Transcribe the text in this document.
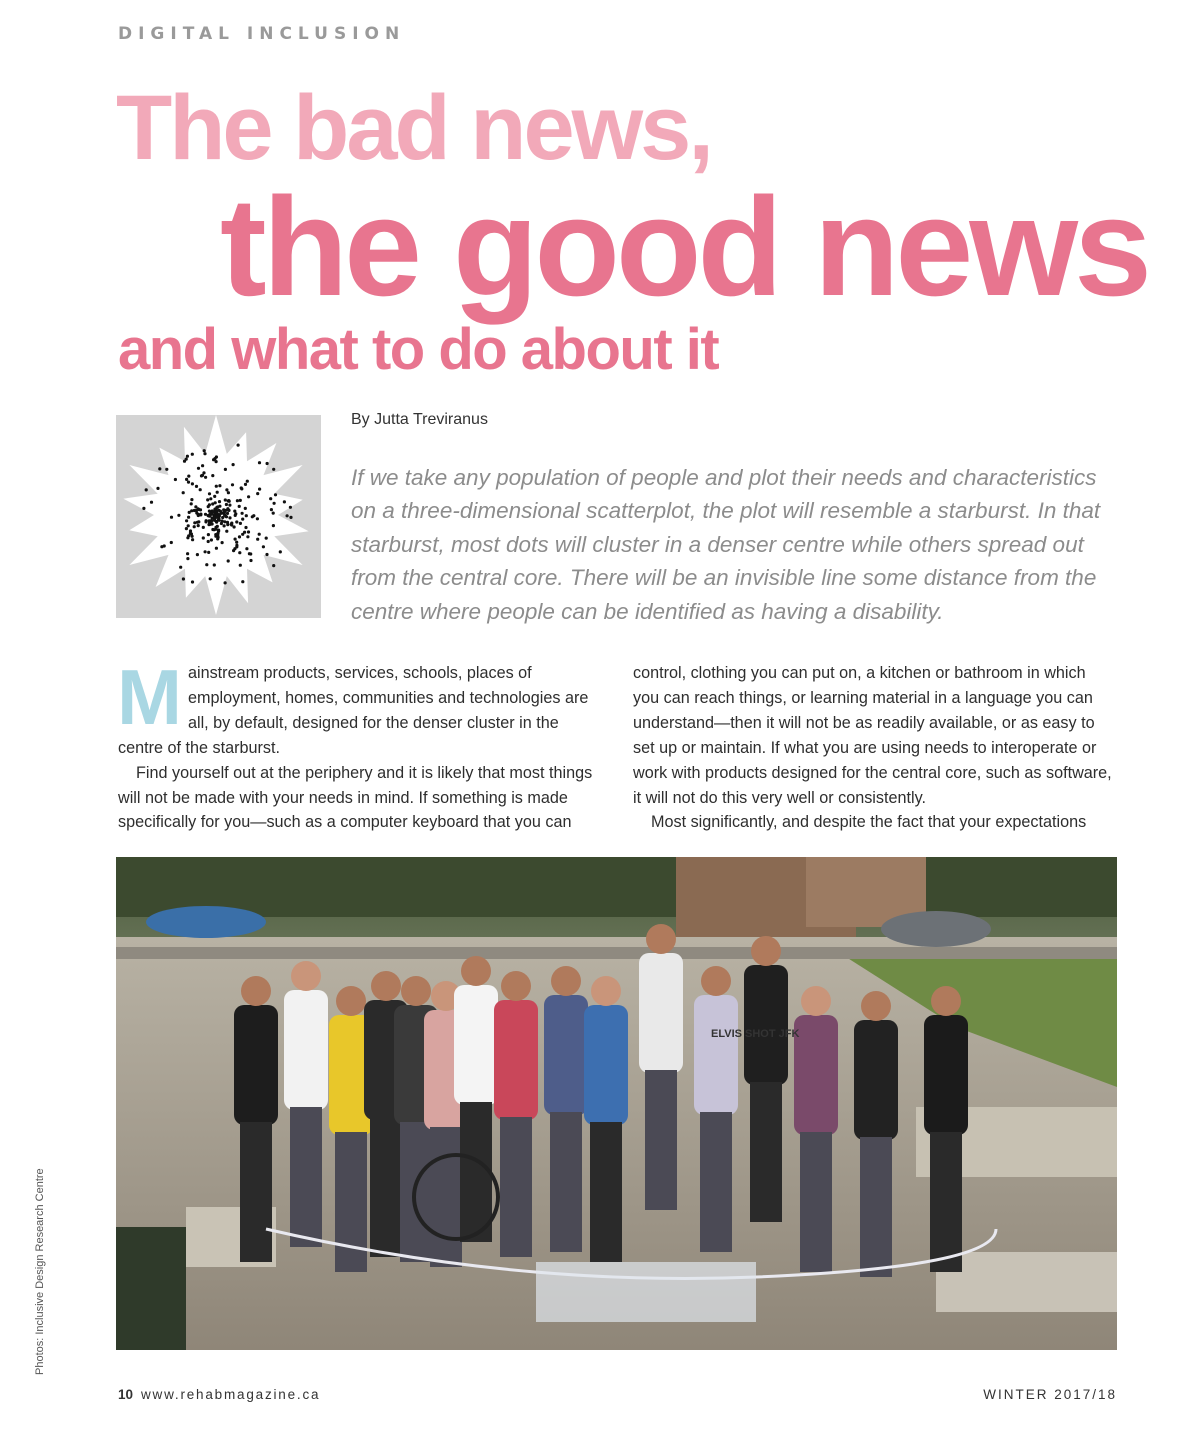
DIGITAL INCLUSION
The bad news,
the good news
and what to do about it
By Jutta Treviranus
If we take any population of people and plot their needs and characteristics on a three-dimensional scatterplot, the plot will resemble a starburst. In that starburst, most dots will cluster in a denser centre while others spread out from the central core. There will be an invisible line some distance from the centre where people can be identified as having a disability.

Mainstream products, services, schools, places of employment, homes, communities and technologies are all, by default, designed for the denser cluster in the centre of the starburst.

Find yourself out at the periphery and it is likely that most things will not be made with your needs in mind. If something is made specifically for you—such as a computer keyboard that you can

control, clothing you can put on, a kitchen or bathroom in which you can reach things, or learning material in a language you can understand—then it will not be as readily available, or as easy to set up or maintain. If what you are using needs to interoperate or work with products designed for the central core, such as software, it will not do this very well or consistently.

Most significantly, and despite the fact that your expectations

ELVIS SHOT JFK
Photos: Inclusive Design Research Centre
10 www.rehabmagazine.ca	WINTER 2017/18
